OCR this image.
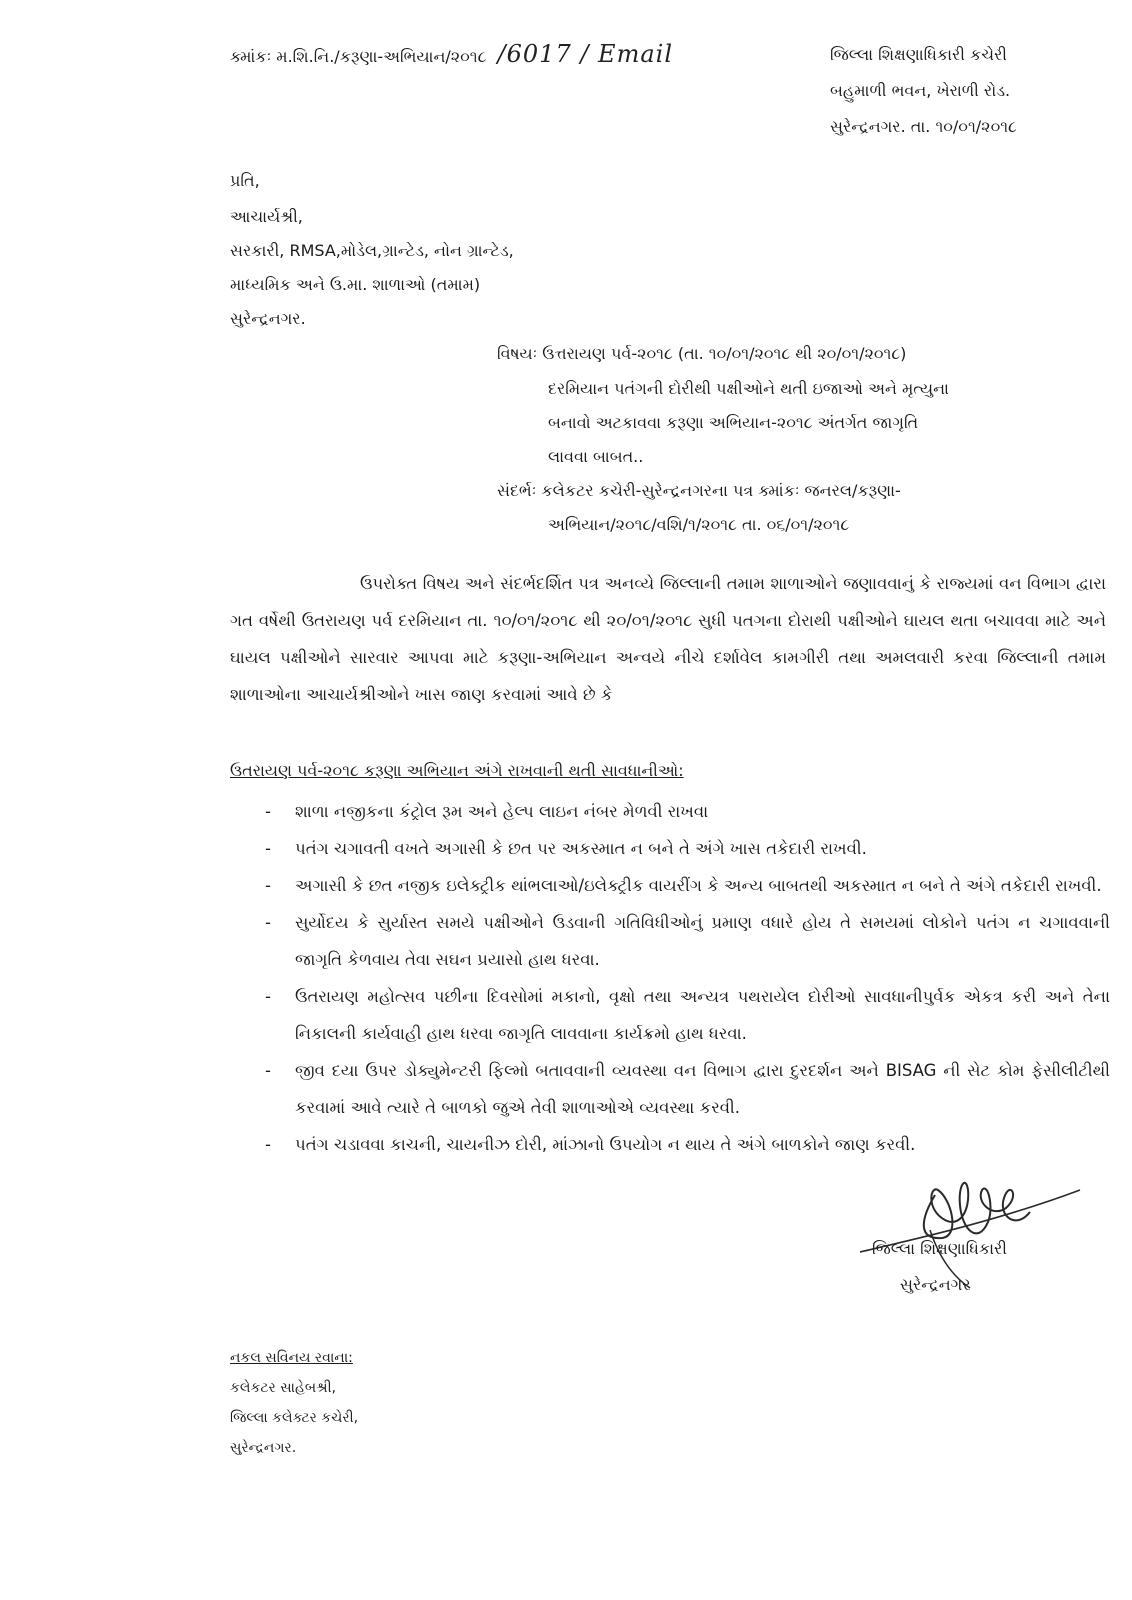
ક્માંકઃ મ.શિ.નિ./કરૂણા-અભિયાન/૨૦૧૮ /6017 / Email	જિલ્લા શિક્ષણાધિકારી કચેરી
બહુમાળી ભવન, ખેરાળી રોડ.
સુરેન્દ્રનગર. તા. ૧૦/૦૧/૨૦૧૮
પ્રતિ,
આચાર્યશ્રી,
સરકારી, RMSA,મોડેલ,ગ્રાન્ટેડ, નોન ગ્રાન્ટેડ,
માધ્યમિક અને ઉ.મા. શાળાઓ (તમામ)
સુરેન્દ્રનગર.
વિષયઃ ઉત્તરાયણ પર્વ-૨૦૧૮ (તા. ૧૦/૦૧/૨૦૧૮ થી ૨૦/૦૧/૨૦૧૮)
દરમિયાન પતંગની દોરીથી પક્ષીઓને થતી ઇજાઓ અને મૃત્યુના
બનાવો અટકાવવા કરૂણા અભિયાન-૨૦૧૮ અંતર્ગત જાગૃતિ
લાવવા બાબત..
સંદર્ભઃ કલેકટર કચેરી-સુરેન્દ્રનગરના પત્ર ક્માંકઃ જનરલ/કરૂણા-
અભિયાન/૨૦૧૮/વશિ/૧/૨૦૧૮ તા. ૦૬/૦૧/૨૦૧૮
ઉપરોક્ત વિષય અને સંદર્ભદર્શિત પત્ર અનવ્યે જિલ્લાની તમામ શાળાઓને જણાવવાનું કે રાજ્યમાં વન વિભાગ દ્વારા ગત વર્ષેથી ઉતરાયણ પર્વ દરમિયાન તા. ૧૦/૦૧/૨૦૧૮ થી ૨૦/૦૧/૨૦૧૮ સુધી પતગના દોરાથી પક્ષીઓને ઘાયલ થતા બચાવવા માટે અને ઘાયલ પક્ષીઓને સારવાર આપવા માટે કરૂણા-અભિયાન અન્વયે નીચે દર્શાવેલ કામગીરી તથા અમલવારી કરવા જિલ્લાની તમામ શાળાઓના આચાર્યશ્રીઓને ખાસ જાણ કરવામાં આવે છે કે
ઉતરાયણ પર્વ-૨૦૧૮ કરૂણા અભિયાન અંગે રાખવાની થતી સાવધાનીઓ:
- શાળા નજીકના કંટ્રોલ રૂમ અને હેલ્પ લાઇન નંબર મેળવી રાખવા
- પતંગ ચગાવતી વખતે અગાસી કે છત પર અકસ્માત ન બને તે અંગે ખાસ તકેદારી રાખવી.
- અગાસી કે છત નજીક ઇલેક્ટ્રીક થાંભલાઓ/ઇલેક્ટ્રીક વાયરીંગ કે અન્ય બાબતથી અકસ્માત ન બને તે અંગે તકેદારી રાખવી.
- સુર્યોદય કે સુર્યાસ્ત સમયે પક્ષીઓને ઉડવાની ગતિવિધીઓનું પ્રમાણ વધારે હોય તે સમયમાં લોકોને પતંગ ન ચગાવવાની જાગૃતિ કેળવાય તેવા સઘન પ્રયાસો હાથ ધરવા.
- ઉતરાયણ મહોત્સવ પછીના દિવસોમાં મકાનો, વૃક્ષો તથા અન્યત્ર પથરાયેલ દોરીઓ સાવધાનીપુર્વક એકત્ર કરી અને તેના નિકાલની કાર્યવાહી હાથ ધરવા જાગૃતિ લાવવાના કાર્યક્રમો હાથ ધરવા.
- જીવ દયા ઉપર ડોક્યુમેન્ટરી ફિલ્મો બતાવવાની વ્યવસ્થા વન વિભાગ દ્વારા દુરદર્શન અને BISAG ની સેટ કોમ ફેસીલીટીથી કરવામાં આવે ત્યારે તે બાળકો જુએ તેવી શાળાઓએ વ્યવસ્થા કરવી.
- પતંગ ચડાવવા કાચની, ચાયનીઝ દોરી, માંઝાનો ઉપયોગ ન થાય તે અંગે બાળકોને જાણ કરવી.
જિલ્લા શિક્ષણાધિકારી
સુરેન્દ્રનગર
નકલ સવિનય રવાના:
કલેકટર સાહેબશ્રી,
જિલ્લા કલેક્ટર કચેરી,
સુરેન્દ્રનગર.
